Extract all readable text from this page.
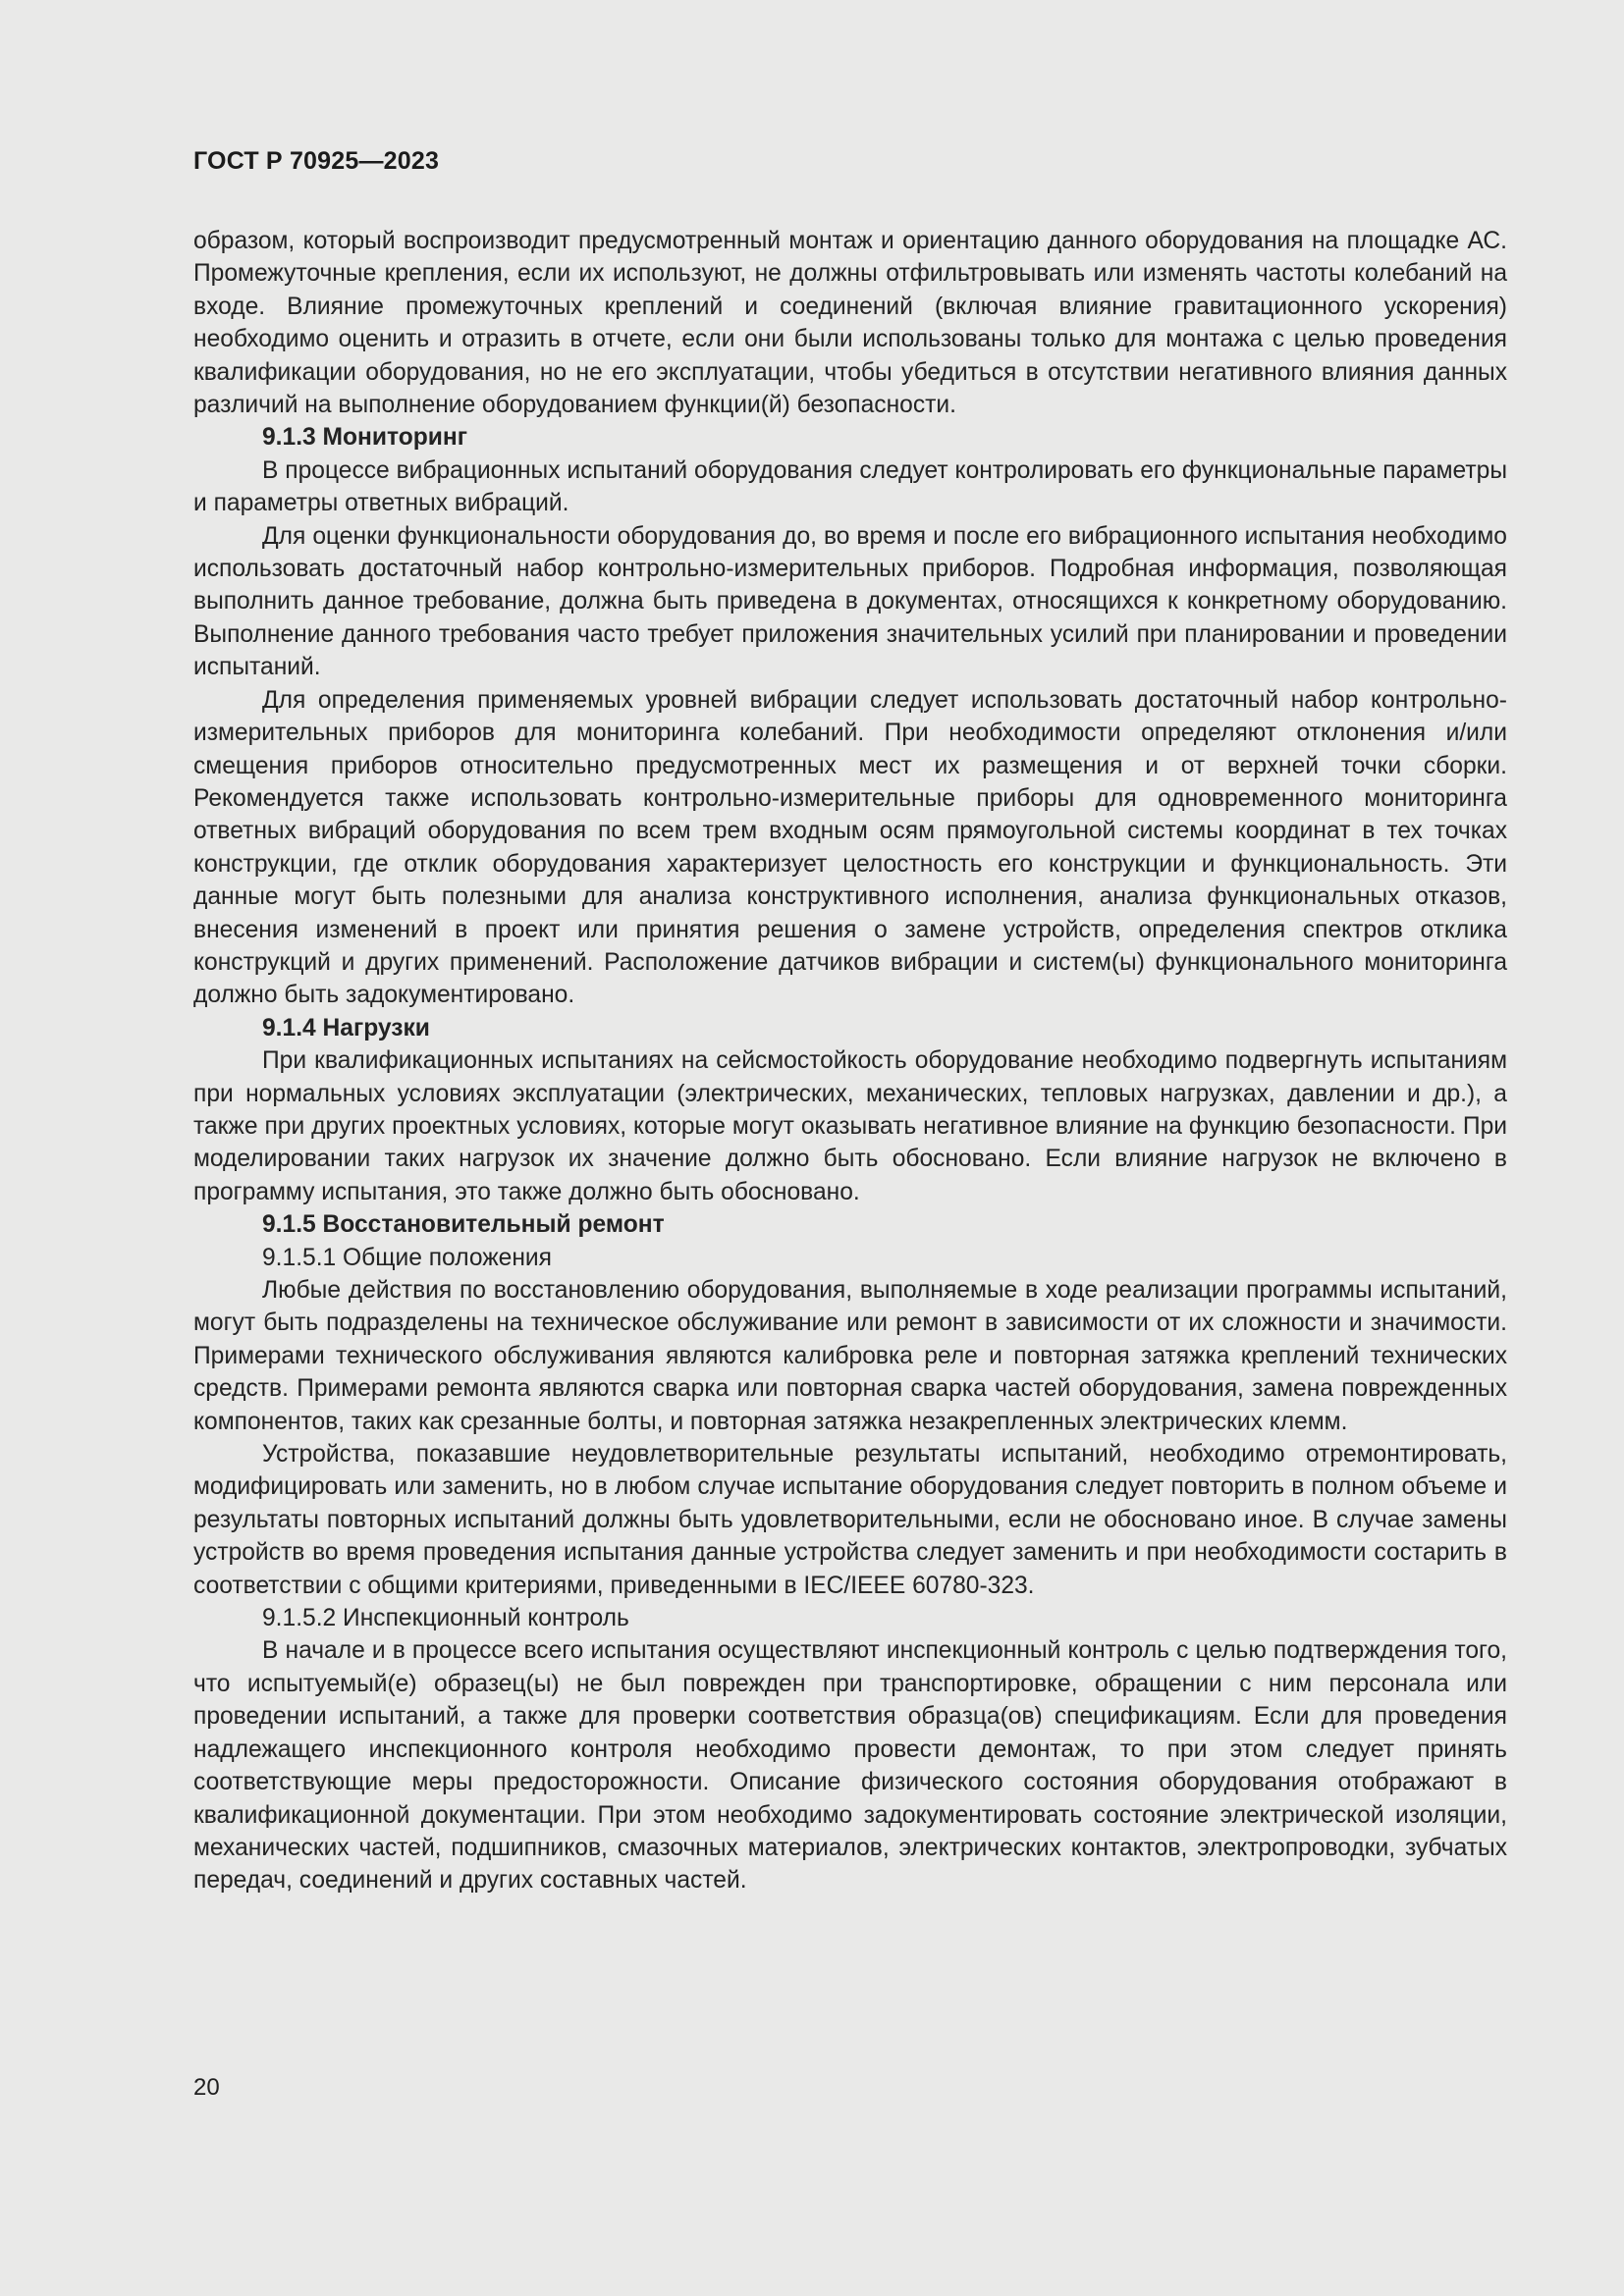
ГОСТ Р 70925—2023

образом, который воспроизводит предусмотренный монтаж и ориентацию данного оборудования на площадке АС. Промежуточные крепления, если их используют, не должны отфильтровывать или изменять частоты колебаний на входе. Влияние промежуточных креплений и соединений (включая влияние гравитационного ускорения) необходимо оценить и отразить в отчете, если они были использованы только для монтажа с целью проведения квалификации оборудования, но не его эксплуатации, чтобы убедиться в отсутствии негативного влияния данных различий на выполнение оборудованием функции(й) безопасности.

9.1.3 Мониторинг

В процессе вибрационных испытаний оборудования следует контролировать его функциональные параметры и параметры ответных вибраций.

Для оценки функциональности оборудования до, во время и после его вибрационного испытания необходимо использовать достаточный набор контрольно-измерительных приборов. Подробная информация, позволяющая выполнить данное требование, должна быть приведена в документах, относящихся к конкретному оборудованию. Выполнение данного требования часто требует приложения значительных усилий при планировании и проведении испытаний.

Для определения применяемых уровней вибрации следует использовать достаточный набор контрольно-измерительных приборов для мониторинга колебаний. При необходимости определяют отклонения и/или смещения приборов относительно предусмотренных мест их размещения и от верхней точки сборки. Рекомендуется также использовать контрольно-измерительные приборы для одновременного мониторинга ответных вибраций оборудования по всем трем входным осям прямоугольной системы координат в тех точках конструкции, где отклик оборудования характеризует целостность его конструкции и функциональность. Эти данные могут быть полезными для анализа конструктивного исполнения, анализа функциональных отказов, внесения изменений в проект или принятия решения о замене устройств, определения спектров отклика конструкций и других применений. Расположение датчиков вибрации и систем(ы) функционального мониторинга должно быть задокументировано.

9.1.4 Нагрузки

При квалификационных испытаниях на сейсмостойкость оборудование необходимо подвергнуть испытаниям при нормальных условиях эксплуатации (электрических, механических, тепловых нагрузках, давлении и др.), а также при других проектных условиях, которые могут оказывать негативное влияние на функцию безопасности. При моделировании таких нагрузок их значение должно быть обосновано. Если влияние нагрузок не включено в программу испытания, это также должно быть обосновано.

9.1.5 Восстановительный ремонт

9.1.5.1 Общие положения

Любые действия по восстановлению оборудования, выполняемые в ходе реализации программы испытаний, могут быть подразделены на техническое обслуживание или ремонт в зависимости от их сложности и значимости. Примерами технического обслуживания являются калибровка реле и повторная затяжка креплений технических средств. Примерами ремонта являются сварка или повторная сварка частей оборудования, замена поврежденных компонентов, таких как срезанные болты, и повторная затяжка незакрепленных электрических клемм.

Устройства, показавшие неудовлетворительные результаты испытаний, необходимо отремонтировать, модифицировать или заменить, но в любом случае испытание оборудования следует повторить в полном объеме и результаты повторных испытаний должны быть удовлетворительными, если не обосновано иное. В случае замены устройств во время проведения испытания данные устройства следует заменить и при необходимости состарить в соответствии с общими критериями, приведенными в IEC/IEEE 60780-323.

9.1.5.2 Инспекционный контроль

В начале и в процессе всего испытания осуществляют инспекционный контроль с целью подтверждения того, что испытуемый(е) образец(ы) не был поврежден при транспортировке, обращении с ним персонала или проведении испытаний, а также для проверки соответствия образца(ов) спецификациям. Если для проведения надлежащего инспекционного контроля необходимо провести демонтаж, то при этом следует принять соответствующие меры предосторожности. Описание физического состояния оборудования отображают в квалификационной документации. При этом необходимо задокументировать состояние электрической изоляции, механических частей, подшипников, смазочных материалов, электрических контактов, электропроводки, зубчатых передач, соединений и других составных частей.

20
